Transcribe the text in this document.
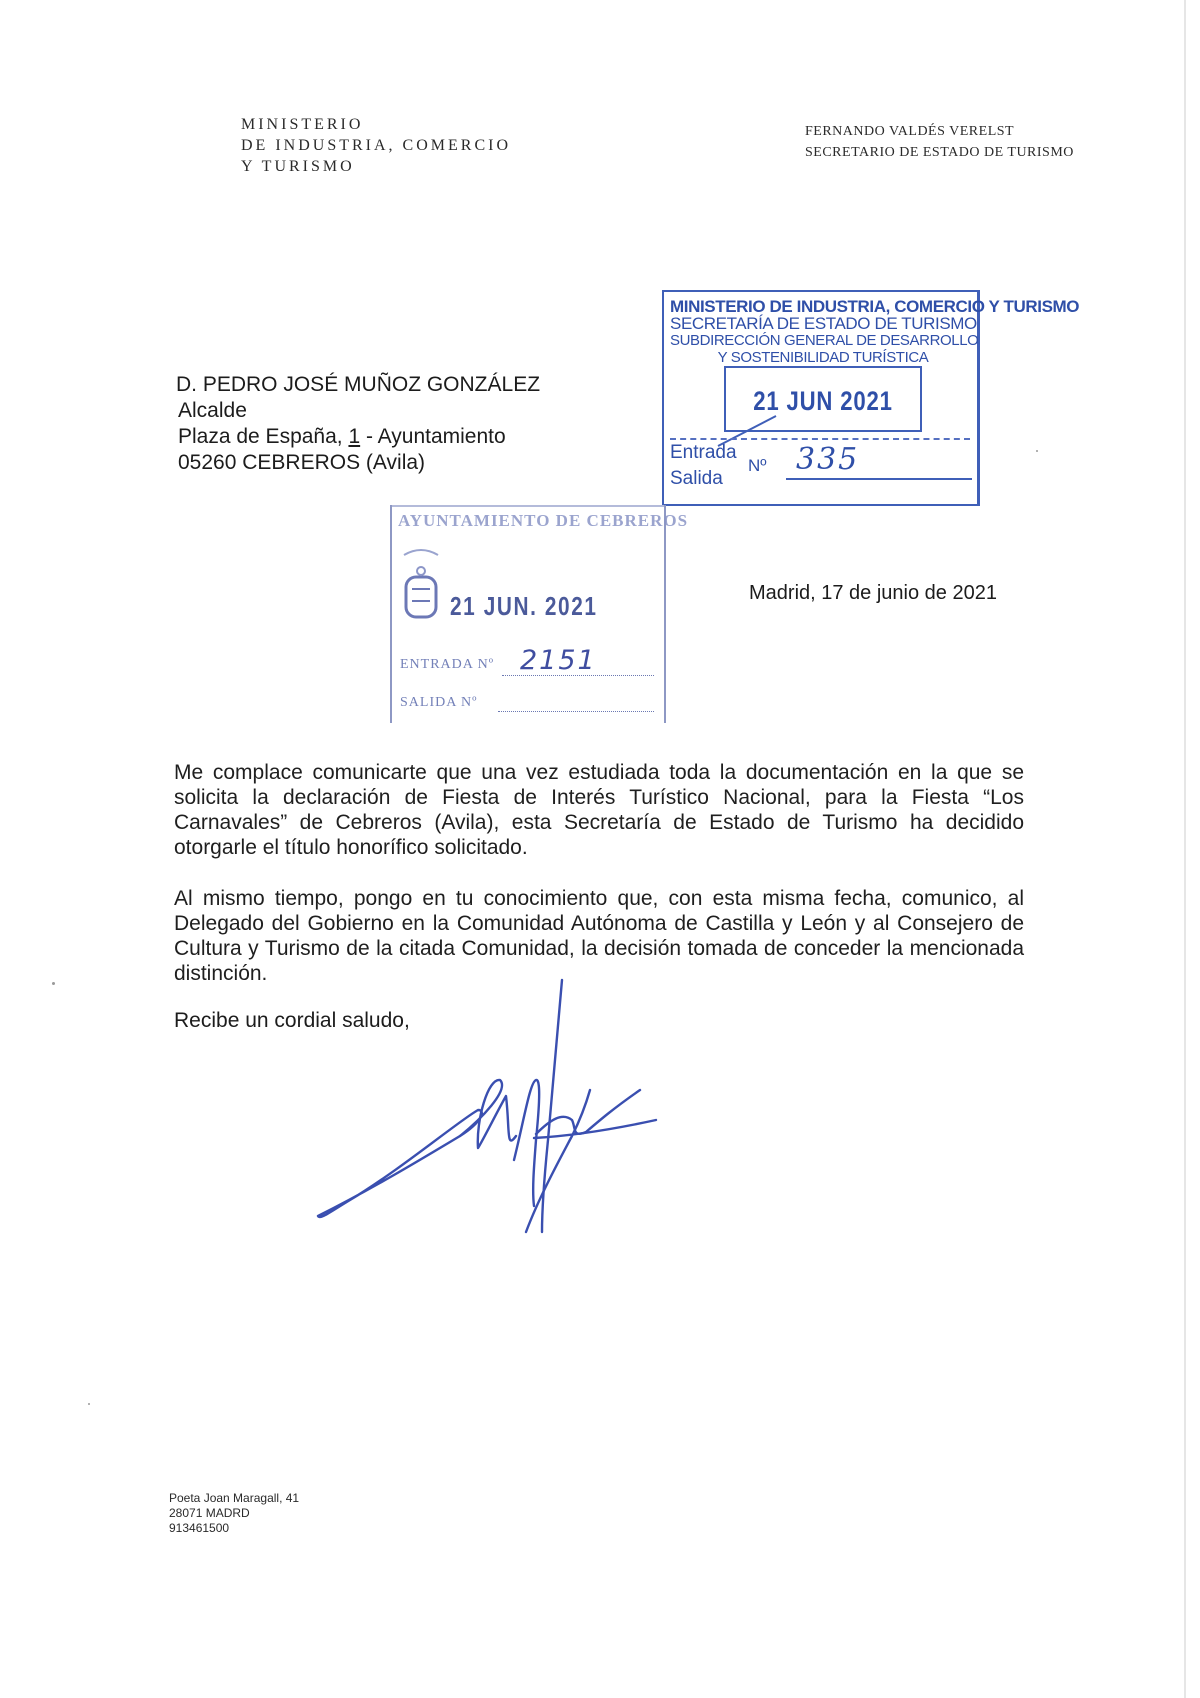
MINISTERIO
DE INDUSTRIA, COMERCIO
Y TURISMO
FERNANDO VALDÉS VERELST
SECRETARIO DE ESTADO DE TURISMO
D. PEDRO JOSÉ MUÑOZ GONZÁLEZ
Alcalde
Plaza de España, 1 - Ayuntamiento
05260 CEBREROS (Avila)
MINISTERIO DE INDUSTRIA, COMERCIO Y TURISMO
SECRETARÍA DE ESTADO DE TURISMO
SUBDIRECCIÓN GENERAL DE DESARROLLO
Y SOSTENIBILIDAD TURÍSTICA
21 JUN 2021
Entrada
Salida
Nº 335
AYUNTAMIENTO DE CEBREROS
21 JUN. 2021
ENTRADA Nº 2151
SALIDA Nº
Madrid, 17 de junio de 2021
Me complace comunicarte que una vez estudiada toda la documentación en la que se solicita la declaración de Fiesta de Interés Turístico Nacional, para la Fiesta “Los Carnavales” de Cebreros (Avila), esta Secretaría de Estado de Turismo ha decidido otorgarle el título honorífico solicitado.
Al mismo tiempo, pongo en tu conocimiento que, con esta misma fecha, comunico, al Delegado del Gobierno en la Comunidad Autónoma de Castilla y León y al Consejero de Cultura y Turismo de la citada Comunidad, la decisión tomada de conceder la mencionada distinción.
Recibe un cordial saludo,
Poeta Joan Maragall, 41
28071 MADRD
913461500
